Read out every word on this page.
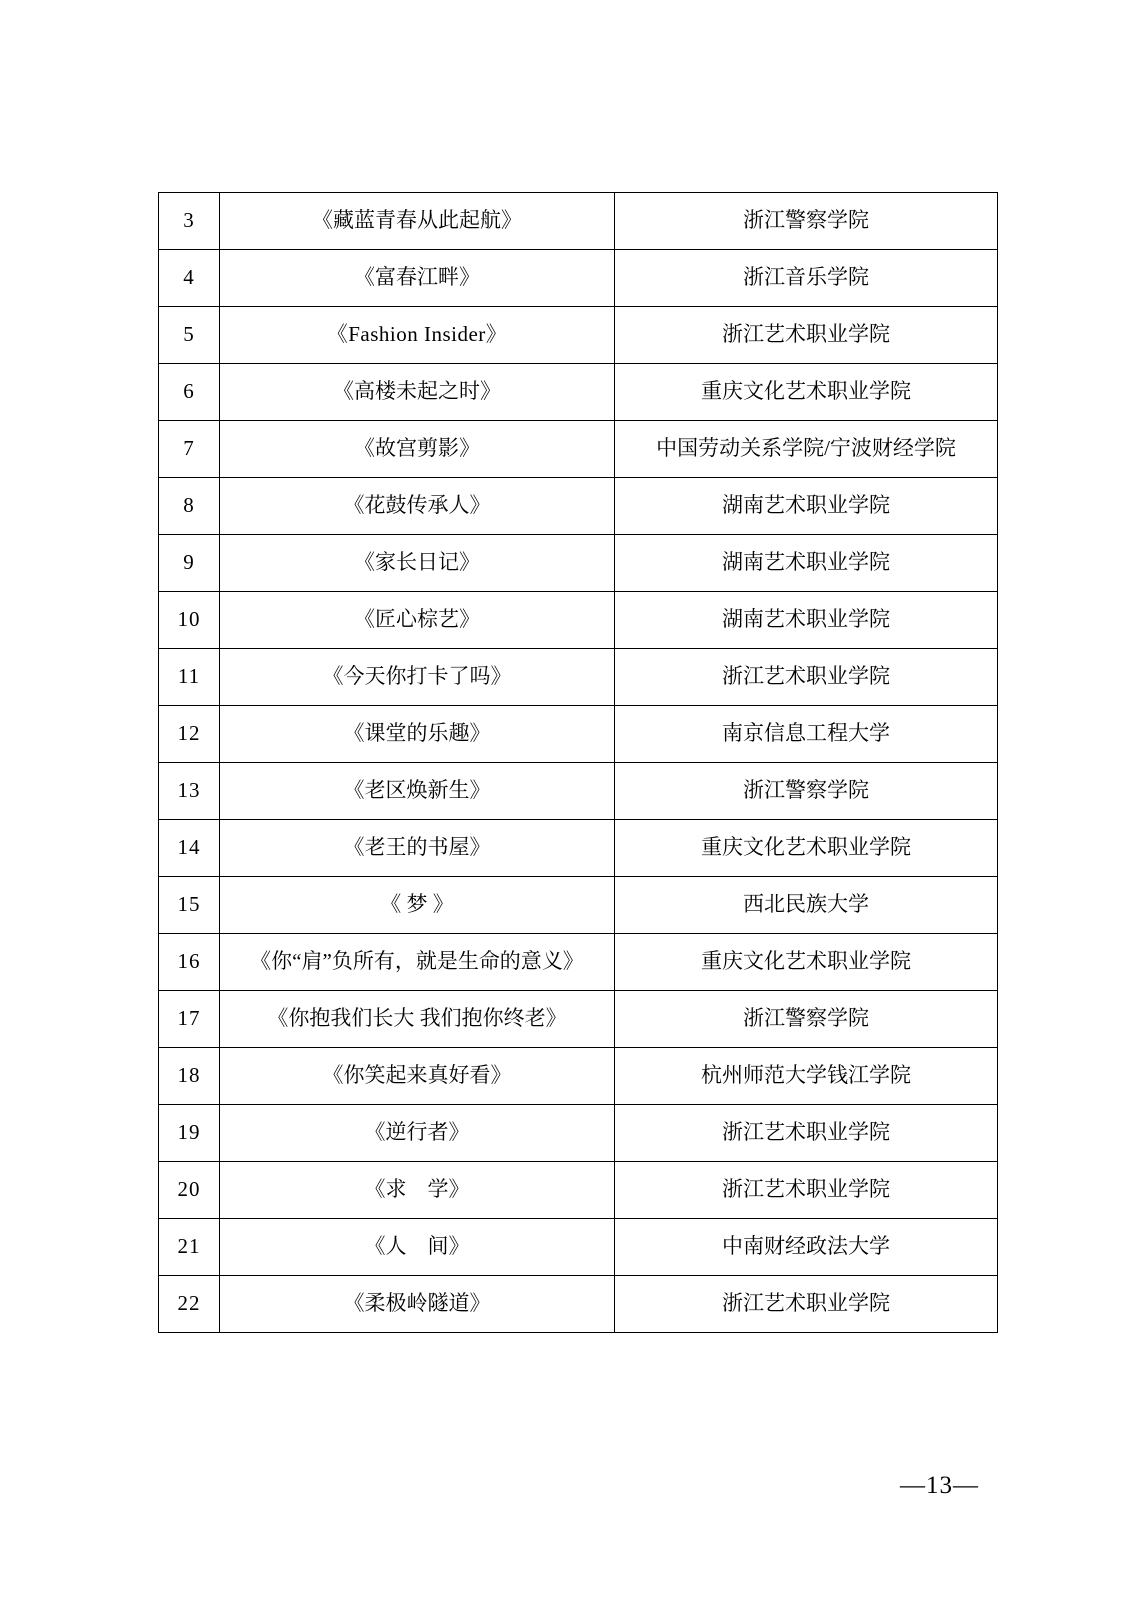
3	《藏蓝青春从此起航》	浙江警察学院
4	《富春江畔》	浙江音乐学院
5	《Fashion Insider》	浙江艺术职业学院
6	《高楼未起之时》	重庆文化艺术职业学院
7	《故宫剪影》	中国劳动关系学院/宁波财经学院
8	《花鼓传承人》	湖南艺术职业学院
9	《家长日记》	湖南艺术职业学院
10	《匠心棕艺》	湖南艺术职业学院
11	《今天你打卡了吗》	浙江艺术职业学院
12	《课堂的乐趣》	南京信息工程大学
13	《老区焕新生》	浙江警察学院
14	《老王的书屋》	重庆文化艺术职业学院
15	《 梦 》	西北民族大学
16	《你“肩”负所有，就是生命的意义》	重庆文化艺术职业学院
17	《你抱我们长大 我们抱你终老》	浙江警察学院
18	《你笑起来真好看》	杭州师范大学钱江学院
19	《逆行者》	浙江艺术职业学院
20	《求　学》	浙江艺术职业学院
21	《人　间》	中南财经政法大学
22	《柔极岭隧道》	浙江艺术职业学院
—13—
